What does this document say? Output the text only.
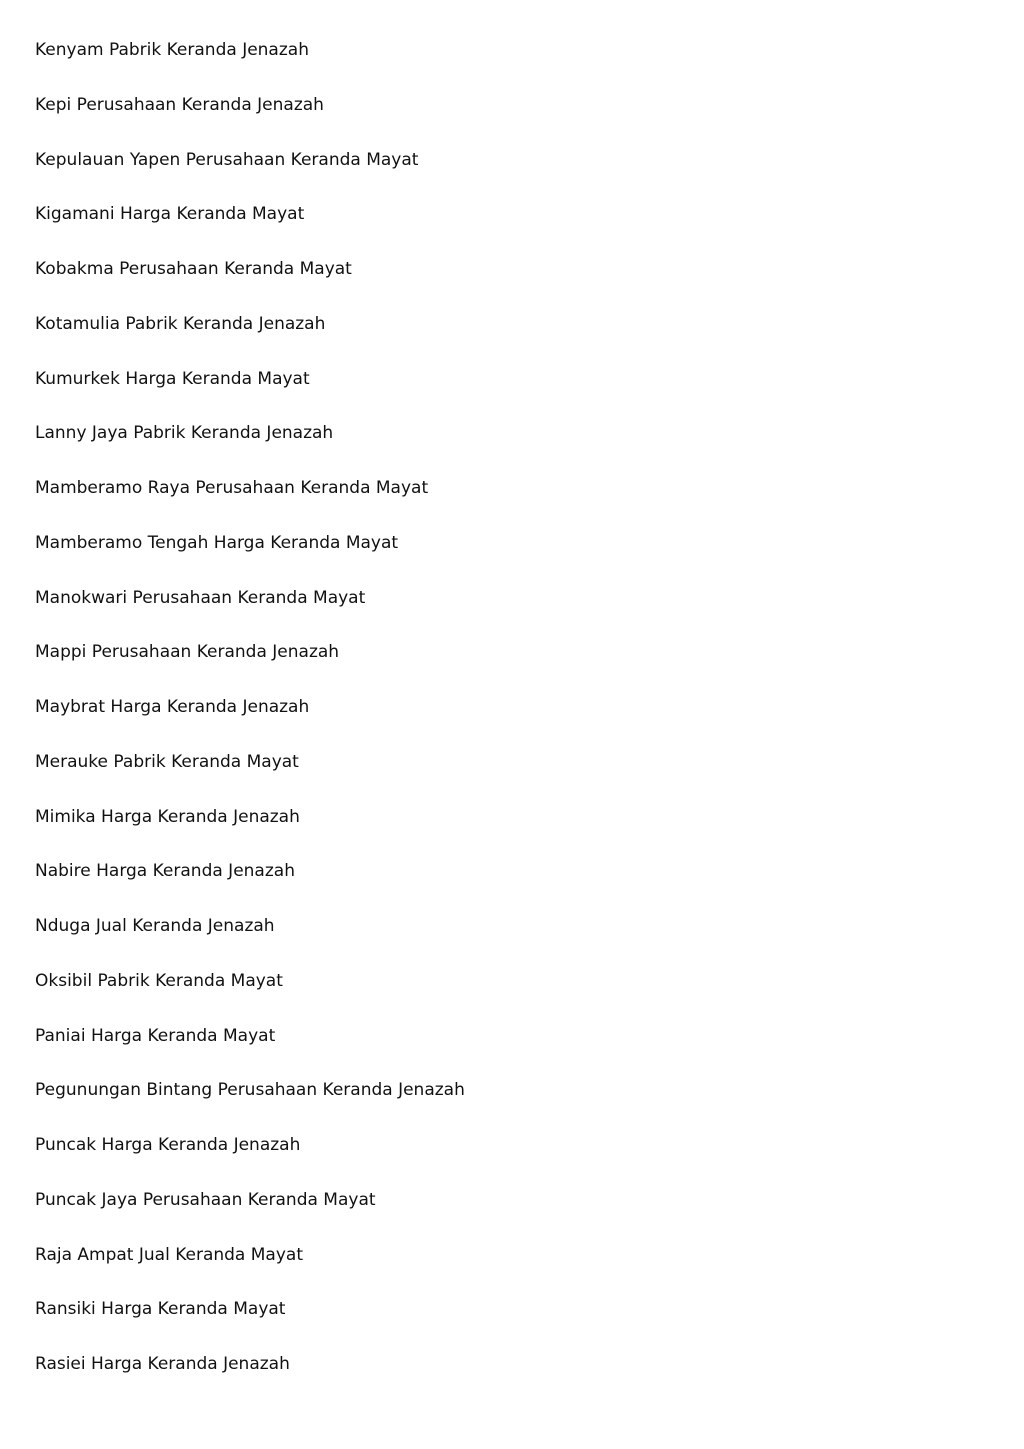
Kenyam Pabrik Keranda Jenazah
Kepi Perusahaan Keranda Jenazah
Kepulauan Yapen Perusahaan Keranda Mayat
Kigamani Harga Keranda Mayat
Kobakma Perusahaan Keranda Mayat
Kotamulia Pabrik Keranda Jenazah
Kumurkek Harga Keranda Mayat
Lanny Jaya Pabrik Keranda Jenazah
Mamberamo Raya Perusahaan Keranda Mayat
Mamberamo Tengah Harga Keranda Mayat
Manokwari Perusahaan Keranda Mayat
Mappi Perusahaan Keranda Jenazah
Maybrat Harga Keranda Jenazah
Merauke Pabrik Keranda Mayat
Mimika Harga Keranda Jenazah
Nabire Harga Keranda Jenazah
Nduga Jual Keranda Jenazah
Oksibil Pabrik Keranda Mayat
Paniai Harga Keranda Mayat
Pegunungan Bintang Perusahaan Keranda Jenazah
Puncak Harga Keranda Jenazah
Puncak Jaya Perusahaan Keranda Mayat
Raja Ampat Jual Keranda Mayat
Ransiki Harga Keranda Mayat
Rasiei Harga Keranda Jenazah
